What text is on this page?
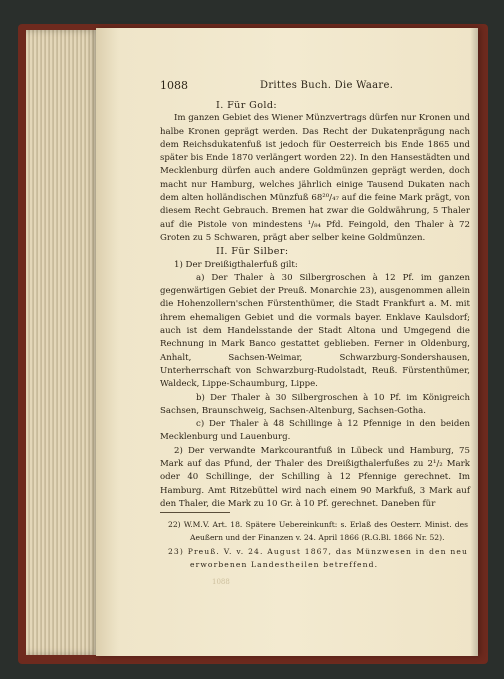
1088	Drittes Buch. Die Waare.

I. Für Gold:

Im ganzen Gebiet des Wiener Münzvertrags dürfen nur Kronen und halbe Kronen geprägt werden. Das Recht der Dukatenprägung nach dem Reichsdukatenfuß ist jedoch für Oesterreich bis Ende 1865 und später bis Ende 1870 verlängert worden 22). In den Hansestädten und Mecklenburg dürfen auch andere Goldmünzen geprägt werden, doch macht nur Hamburg, welches jährlich einige Tausend Dukaten nach dem alten holländischen Münzfuß 68²⁰/₄₇ auf die feine Mark prägt, von diesem Recht Gebrauch. Bremen hat zwar die Goldwährung, 5 Thaler auf die Pistole von mindestens ¹/₈₄ Pfd. Feingold, den Thaler à 72 Groten zu 5 Schwaren, prägt aber selber keine Goldmünzen.

II. Für Silber:

1) Der Dreißigthalerfuß gilt:

a) Der Thaler à 30 Silbergroschen à 12 Pf. im ganzen gegenwärtigen Gebiet der Preuß. Monarchie 23), ausgenommen allein die Hohenzollern'schen Fürstenthümer, die Stadt Frankfurt a. M. mit ihrem ehemaligen Gebiet und die vormals bayer. Enklave Kaulsdorf; auch ist dem Handelsstande der Stadt Altona und Umgegend die Rechnung in Mark Banco gestattet geblieben. Ferner in Oldenburg, Anhalt, Sachsen-Weimar, Schwarzburg-Sondershausen, Unterherrschaft von Schwarzburg-Rudolstadt, Reuß. Fürstenthümer, Waldeck, Lippe-Schaumburg, Lippe.

b) Der Thaler à 30 Silbergroschen à 10 Pf. im Königreich Sachsen, Braunschweig, Sachsen-Altenburg, Sachsen-Gotha.

c) Der Thaler à 48 Schillinge à 12 Pfennige in den beiden Mecklenburg und Lauenburg.

2) Der verwandte Markcourantfuß in Lübeck und Hamburg, 75 Mark auf das Pfund, der Thaler des Dreißigthalerfußes zu 2¹/₂ Mark oder 40 Schillinge, der Schilling à 12 Pfennige gerechnet. Im Hamburg. Amt Ritzebüttel wird nach einem 90 Markfuß, 3 Mark auf den Thaler, die Mark zu 10 Gr. à 10 Pf. gerechnet. Daneben für

22) W.M.V. Art. 18. Spätere Uebereinkunft: s. Erlaß des Oesterr. Minist. des Aeußern und der Finanzen v. 24. April 1866 (R.G.Bl. 1866 Nr. 52).

23) Preuß. V. v. 24. August 1867, das Münzwesen in den neu erworbenen Landestheilen betreffend.

1088
